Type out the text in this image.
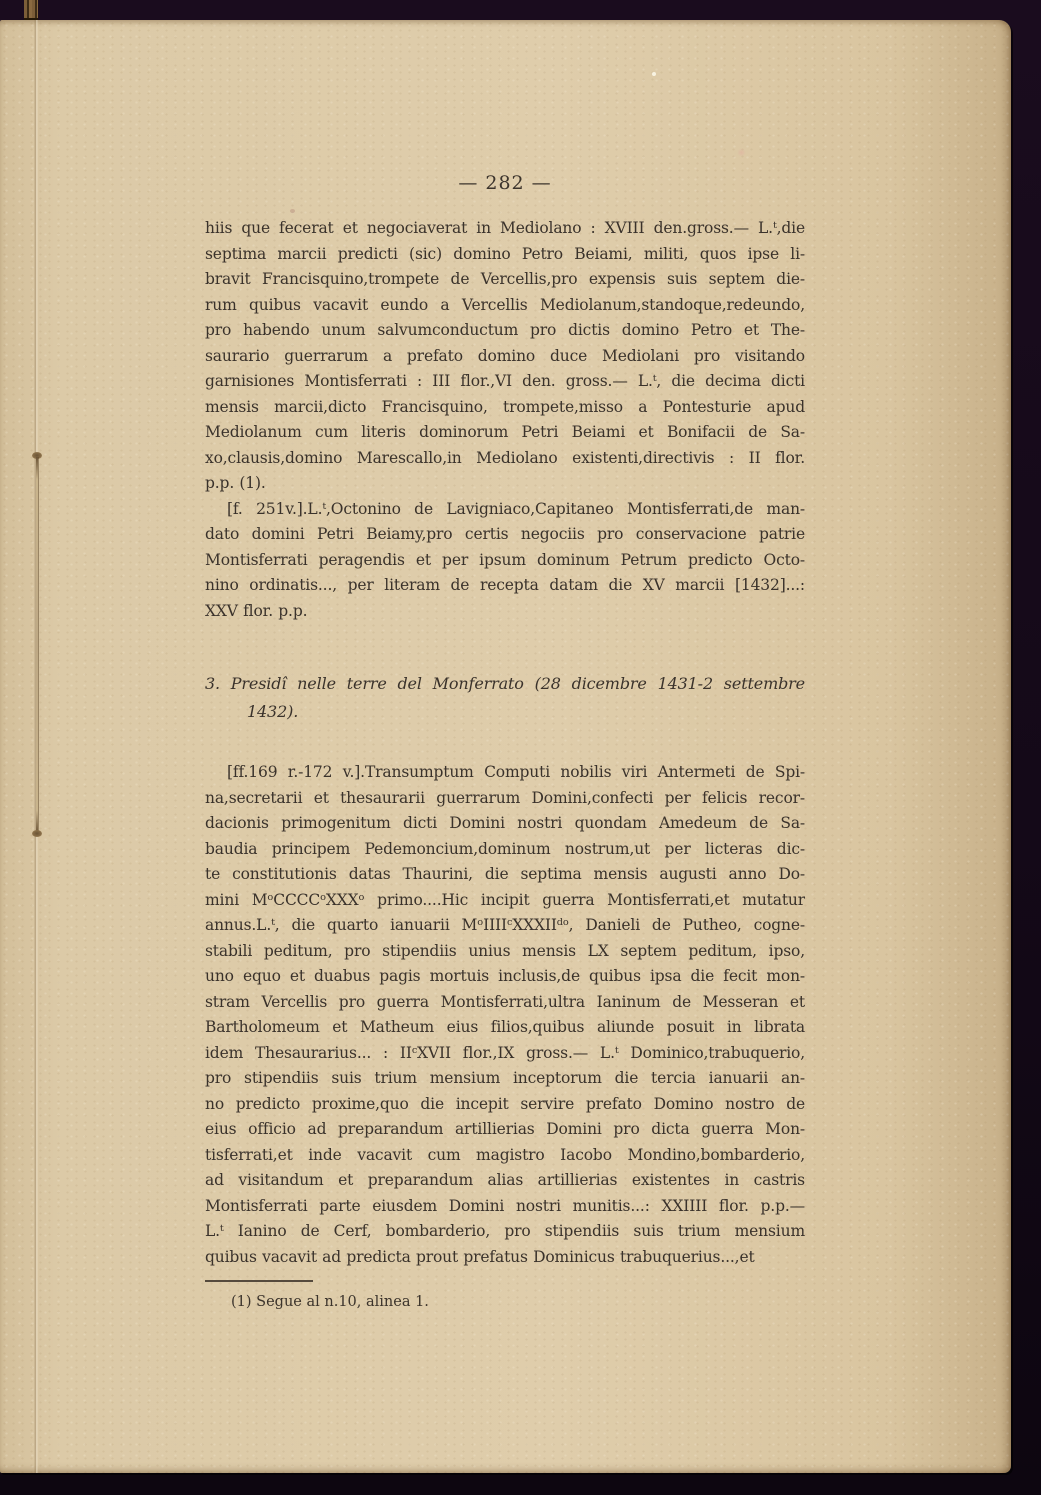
— 282 —
hiis que fecerat et negociaverat in Mediolano : XVIII den.gross.— L.ᵗ,die
septima marcii predicti (sic) domino Petro Beiami, militi, quos ipse li-
bravit Francisquino,trompete de Vercellis,pro expensis suis septem die-
rum quibus vacavit eundo a Vercellis Mediolanum,standoque,redeundo,
pro habendo unum salvumconductum pro dictis domino Petro et The-
saurario guerrarum a prefato domino duce Mediolani pro visitando
garnisiones Montisferrati : III flor.,VI den. gross.— L.ᵗ, die decima dicti
mensis marcii,dicto Francisquino, trompete,misso a Pontesturie apud
Mediolanum cum literis dominorum Petri Beiami et Bonifacii de Sa-
xo,clausis,domino Marescallo,in Mediolano existenti,directivis : II flor.
p.p. (1).
[f. 251v.].L.ᵗ,Octonino de Lavigniaco,Capitaneo Montisferrati,de man-
dato domini Petri Beiamy,pro certis negociis pro conservacione patrie
Montisferrati peragendis et per ipsum dominum Petrum predicto Octo-
nino ordinatis..., per literam de recepta datam die XV marcii [1432]...:
XXV flor. p.p.
3. Presidî nelle terre del Monferrato (28 dicembre 1431-2 settembre
1432).
[ff.169 r.-172 v.].Transumptum Computi nobilis viri Antermeti de Spi-
na,secretarii et thesaurarii guerrarum Domini,confecti per felicis recor-
dacionis primogenitum dicti Domini nostri quondam Amedeum de Sa-
baudia principem Pedemoncium,dominum nostrum,ut per licteras dic-
te constitutionis datas Thaurini, die septima mensis augusti anno Do-
mini MᵒCCCCᵒXXXᵒ primo....Hic incipit guerra Montisferrati,et mutatur
annus.L.ᵗ, die quarto ianuarii MᵒIIIIᶜXXXIIᵈᵒ, Danieli de Putheo, cogne-
stabili peditum, pro stipendiis unius mensis LX septem peditum, ipso,
uno equo et duabus pagis mortuis inclusis,de quibus ipsa die fecit mon-
stram Vercellis pro guerra Montisferrati,ultra Ianinum de Messeran et
Bartholomeum et Matheum eius filios,quibus aliunde posuit in librata
idem Thesaurarius... : IIᶜXVII flor.,IX gross.— L.ᵗ Dominico,trabuquerio,
pro stipendiis suis trium mensium inceptorum die tercia ianuarii an-
no predicto proxime,quo die incepit servire prefato Domino nostro de
eius officio ad preparandum artillierias Domini pro dicta guerra Mon-
tisferrati,et inde vacavit cum magistro Iacobo Mondino,bombarderio,
ad visitandum et preparandum alias artillierias existentes in castris
Montisferrati parte eiusdem Domini nostri munitis...: XXIIII flor. p.p.—
L.ᵗ Ianino de Cerf, bombarderio, pro stipendiis suis trium mensium
quibus vacavit ad predicta prout prefatus Dominicus trabuquerius...,et
(1) Segue al n.10, alinea 1.
